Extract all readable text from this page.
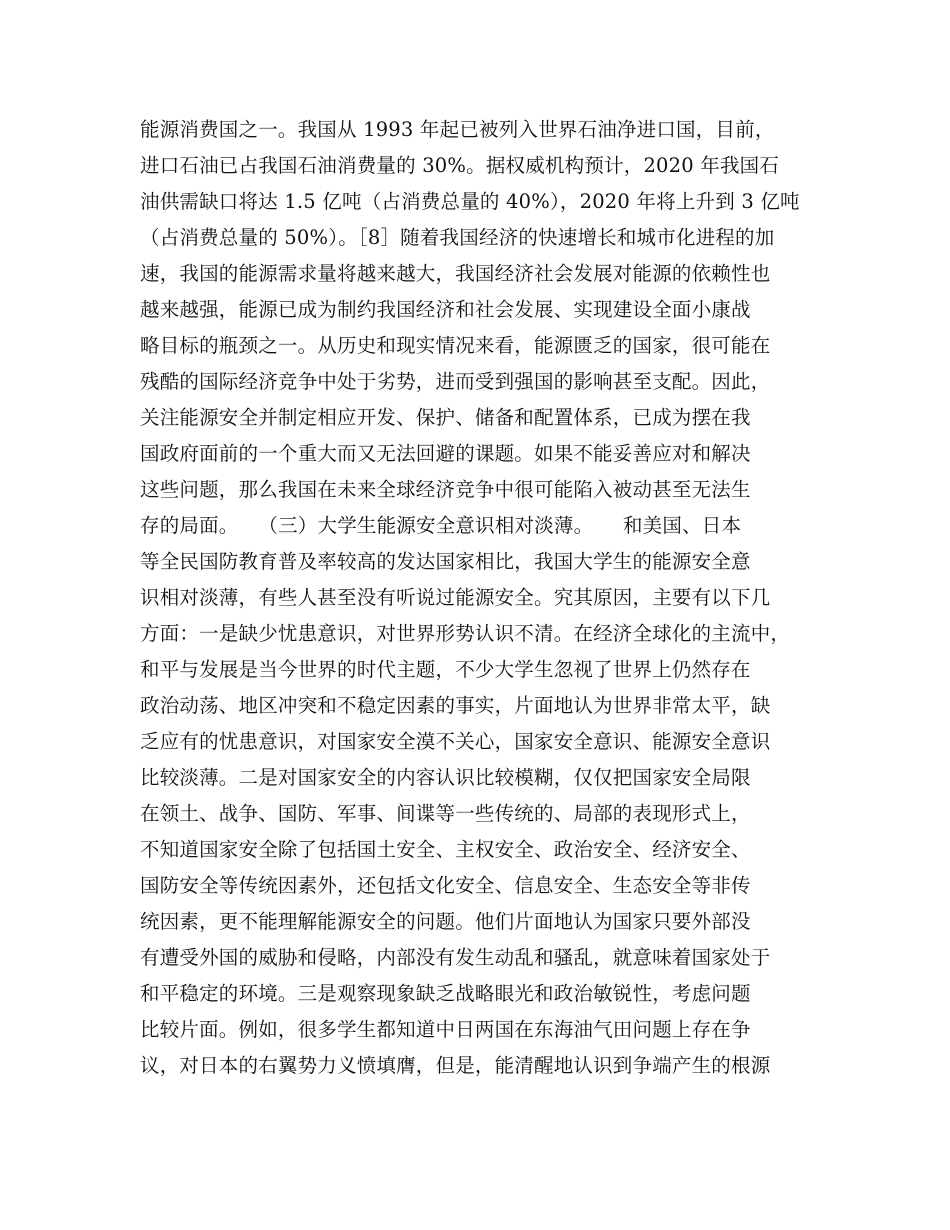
能源消费国之一。我国从 1993 年起已被列入世界石油净进口国，目前，
进口石油已占我国石油消费量的 30%。据权威机构预计，2020 年我国石
油供需缺口将达 1.5 亿吨（占消费总量的 40%），2020 年将上升到 3 亿吨
（占消费总量的 50%）。［8］随着我国经济的快速增长和城市化进程的加
速，我国的能源需求量将越来越大，我国经济社会发展对能源的依赖性也
越来越强，能源已成为制约我国经济和社会发展、实现建设全面小康战
略目标的瓶颈之一。从历史和现实情况来看，能源匮乏的国家，很可能在
残酷的国际经济竞争中处于劣势，进而受到强国的影响甚至支配。因此，
关注能源安全并制定相应开发、保护、储备和配置体系，已成为摆在我
国政府面前的一个重大而又无法回避的课题。如果不能妥善应对和解决
这些问题，那么我国在未来全球经济竞争中很可能陷入被动甚至无法生
存的局面。　　（三）大学生能源安全意识相对淡薄。　　和美国、日本
等全民国防教育普及率较高的发达国家相比，我国大学生的能源安全意
识相对淡薄，有些人甚至没有听说过能源安全。究其原因，主要有以下几
方面：一是缺少忧患意识，对世界形势认识不清。在经济全球化的主流中，
和平与发展是当今世界的时代主题，不少大学生忽视了世界上仍然存在
政治动荡、地区冲突和不稳定因素的事实，片面地认为世界非常太平，缺
乏应有的忧患意识，对国家安全漠不关心，国家安全意识、能源安全意识
比较淡薄。二是对国家安全的内容认识比较模糊，仅仅把国家安全局限
在领土、战争、国防、军事、间谍等一些传统的、局部的表现形式上，
不知道国家安全除了包括国土安全、主权安全、政治安全、经济安全、
国防安全等传统因素外，还包括文化安全、信息安全、生态安全等非传
统因素，更不能理解能源安全的问题。他们片面地认为国家只要外部没
有遭受外国的威胁和侵略，内部没有发生动乱和骚乱，就意味着国家处于
和平稳定的环境。三是观察现象缺乏战略眼光和政治敏锐性，考虑问题
比较片面。例如，很多学生都知道中日两国在东海油气田问题上存在争
议，对日本的右翼势力义愤填膺，但是，能清醒地认识到争端产生的根源
